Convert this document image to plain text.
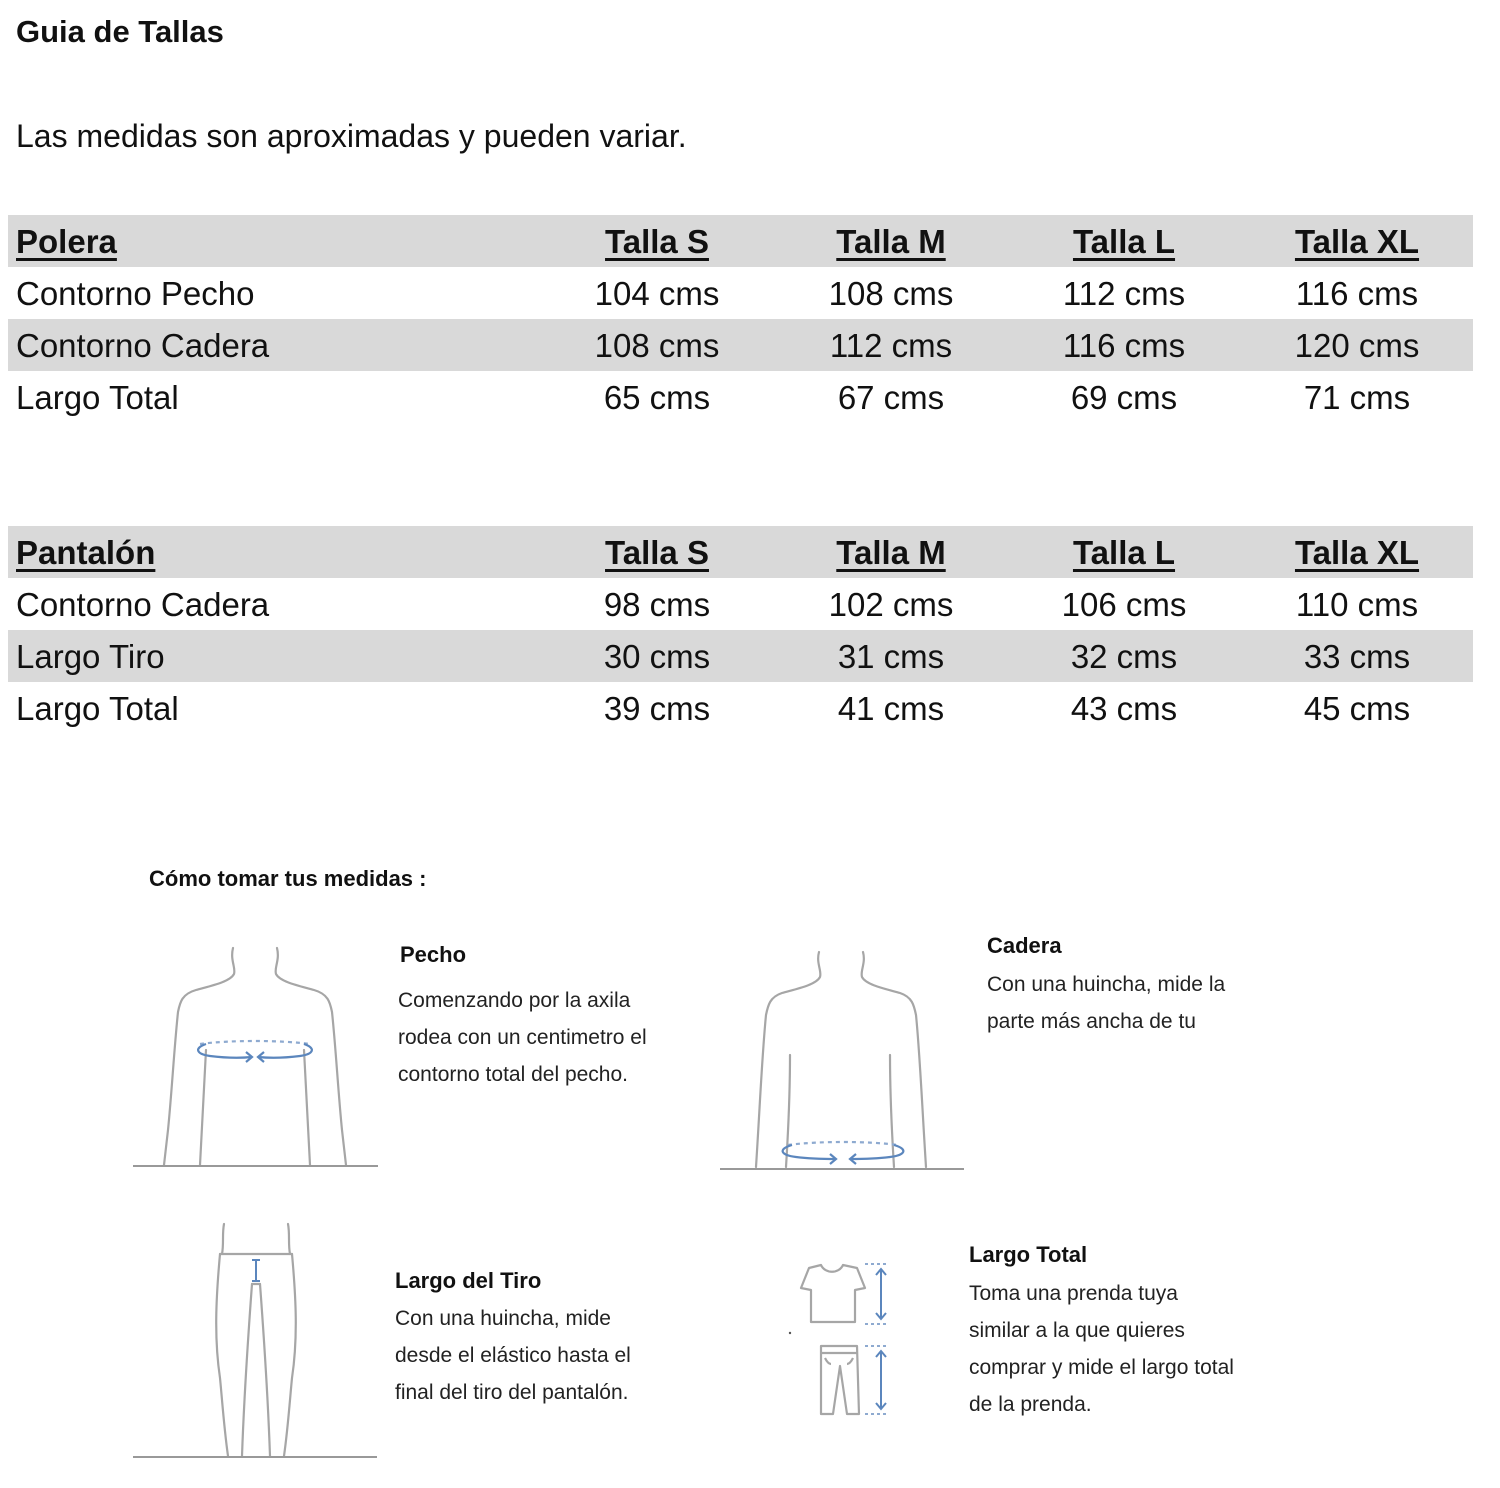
Guia de Tallas
Las medidas son aproximadas y pueden variar.
Polera	Talla S	Talla M	Talla L	Talla XL
Contorno Pecho	104 cms	108 cms	112 cms	116 cms
Contorno Cadera	108 cms	112 cms	116 cms	120 cms
Largo Total	65 cms	67 cms	69 cms	71 cms
Pantalón	Talla S	Talla M	Talla L	Talla XL
Contorno Cadera	98 cms	102 cms	106 cms	110 cms
Largo Tiro	30 cms	31 cms	32 cms	33 cms
Largo Total	39 cms	41 cms	43 cms	45 cms
Cómo tomar tus medidas :
Pecho
Comenzando por la axila
rodea con un centimetro el
contorno total del pecho.
Cadera
Con una huincha, mide la
parte más ancha de tu
Largo del Tiro
Con una huincha, mide
desde el elástico hasta el
final del tiro del pantalón.
Largo Total
Toma una prenda tuya
similar a la que quieres
comprar y mide el largo total
de la prenda.
